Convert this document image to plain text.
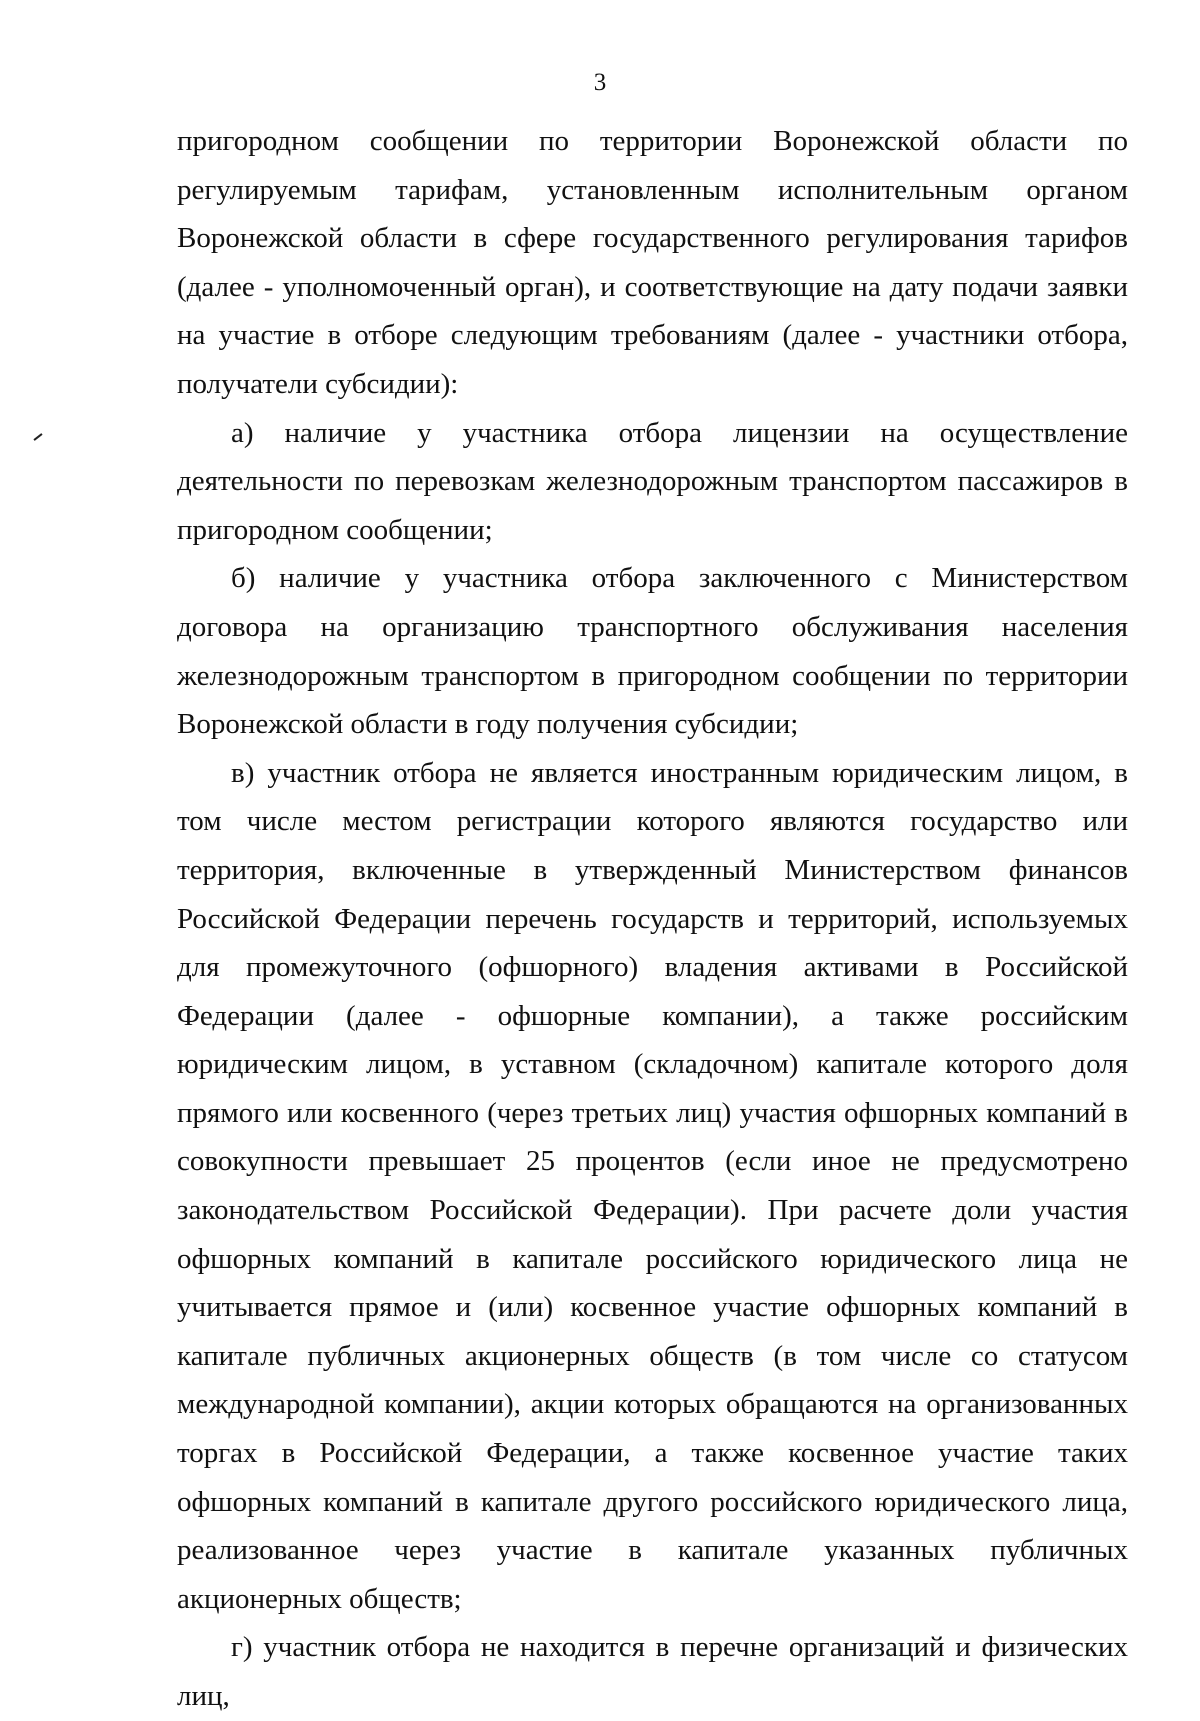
3

пригородном сообщении по территории Воронежской области по регулируемым тарифам, установленным исполнительным органом Воронежской области в сфере государственного регулирования тарифов (далее - уполномоченный орган), и соответствующие на дату подачи заявки на участие в отборе следующим требованиям (далее - участники отбора, получатели субсидии):

а) наличие у участника отбора лицензии на осуществление деятельности по перевозкам железнодорожным транспортом пассажиров в пригородном сообщении;

б) наличие у участника отбора заключенного с Министерством договора на организацию транспортного обслуживания населения железнодорожным транспортом в пригородном сообщении по территории Воронежской области в году получения субсидии;

в) участник отбора не является иностранным юридическим лицом, в том числе местом регистрации которого являются государство или территория, включенные в утвержденный Министерством финансов Российской Федерации перечень государств и территорий, используемых для промежуточного (офшорного) владения активами в Российской Федерации (далее - офшорные компании), а также российским юридическим лицом, в уставном (складочном) капитале которого доля прямого или косвенного (через третьих лиц) участия офшорных компаний в совокупности превышает 25 процентов (если иное не предусмотрено законодательством Российской Федерации). При расчете доли участия офшорных компаний в капитале российского юридического лица не учитывается прямое и (или) косвенное участие офшорных компаний в капитале публичных акционерных обществ (в том числе со статусом международной компании), акции которых обращаются на организованных торгах в Российской Федерации, а также косвенное участие таких офшорных компаний в капитале другого российского юридического лица, реализованное через участие в капитале указанных публичных акционерных обществ;

г) участник отбора не находится в перечне организаций и физических лиц,
